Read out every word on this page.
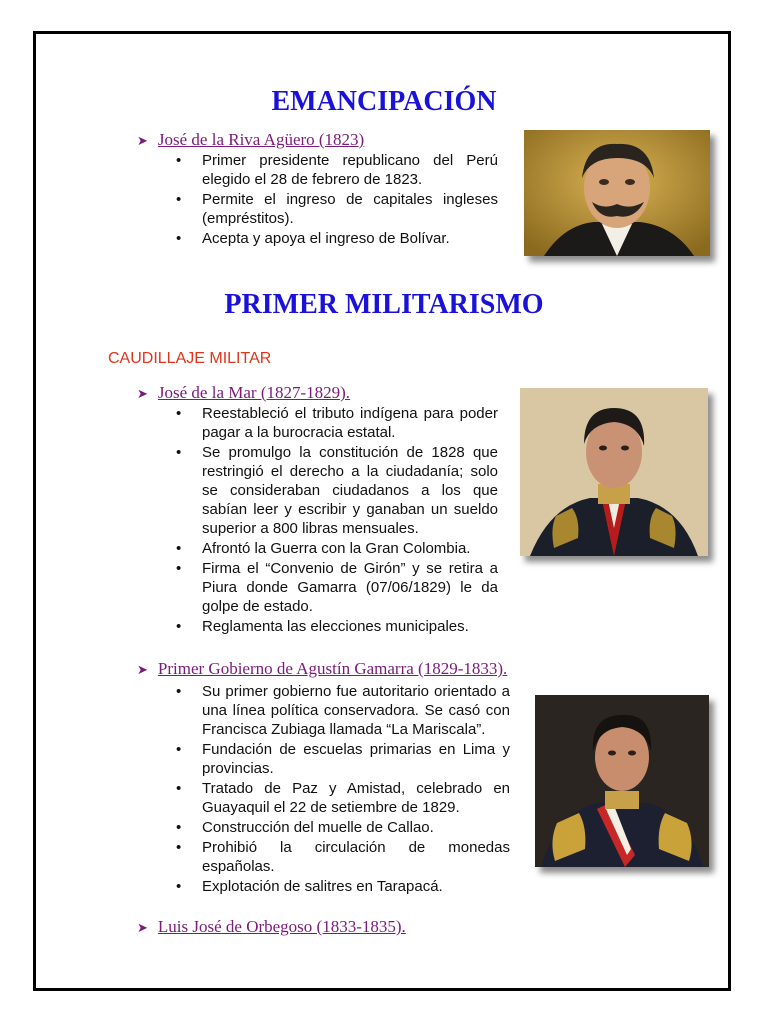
EMANCIPACIÓN
➤ José de la Riva Agüero (1823)
• Primer presidente republicano del Perú elegido el 28 de febrero de 1823.
• Permite el ingreso de capitales ingleses (empréstitos).
• Acepta y apoya el ingreso de Bolívar.
PRIMER MILITARISMO
CAUDILLAJE MILITAR
➤ José de la Mar (1827-1829).
• Reestableció el tributo indígena para poder pagar a la burocracia estatal.
• Se promulgo la constitución de 1828 que restringió el derecho a la ciudadanía; solo se consideraban ciudadanos a los que sabían leer y escribir y ganaban un sueldo superior a 800 libras mensuales.
• Afrontó la Guerra con la Gran Colombia.
• Firma el “Convenio de Girón” y se retira a Piura donde Gamarra (07/06/1829) le da golpe de estado.
• Reglamenta las elecciones municipales.
➤ Primer Gobierno de Agustín Gamarra (1829-1833).
• Su primer gobierno fue autoritario orientado a una línea política conservadora. Se casó con Francisca Zubiaga llamada “La Mariscala”.
• Fundación de escuelas primarias en Lima y provincias.
• Tratado de Paz y Amistad, celebrado en Guayaquil el 22 de setiembre de 1829.
• Construcción del muelle de Callao.
• Prohibió la circulación de monedas españolas.
• Explotación de salitres en Tarapacá.
➤ Luis José de Orbegoso (1833-1835).
